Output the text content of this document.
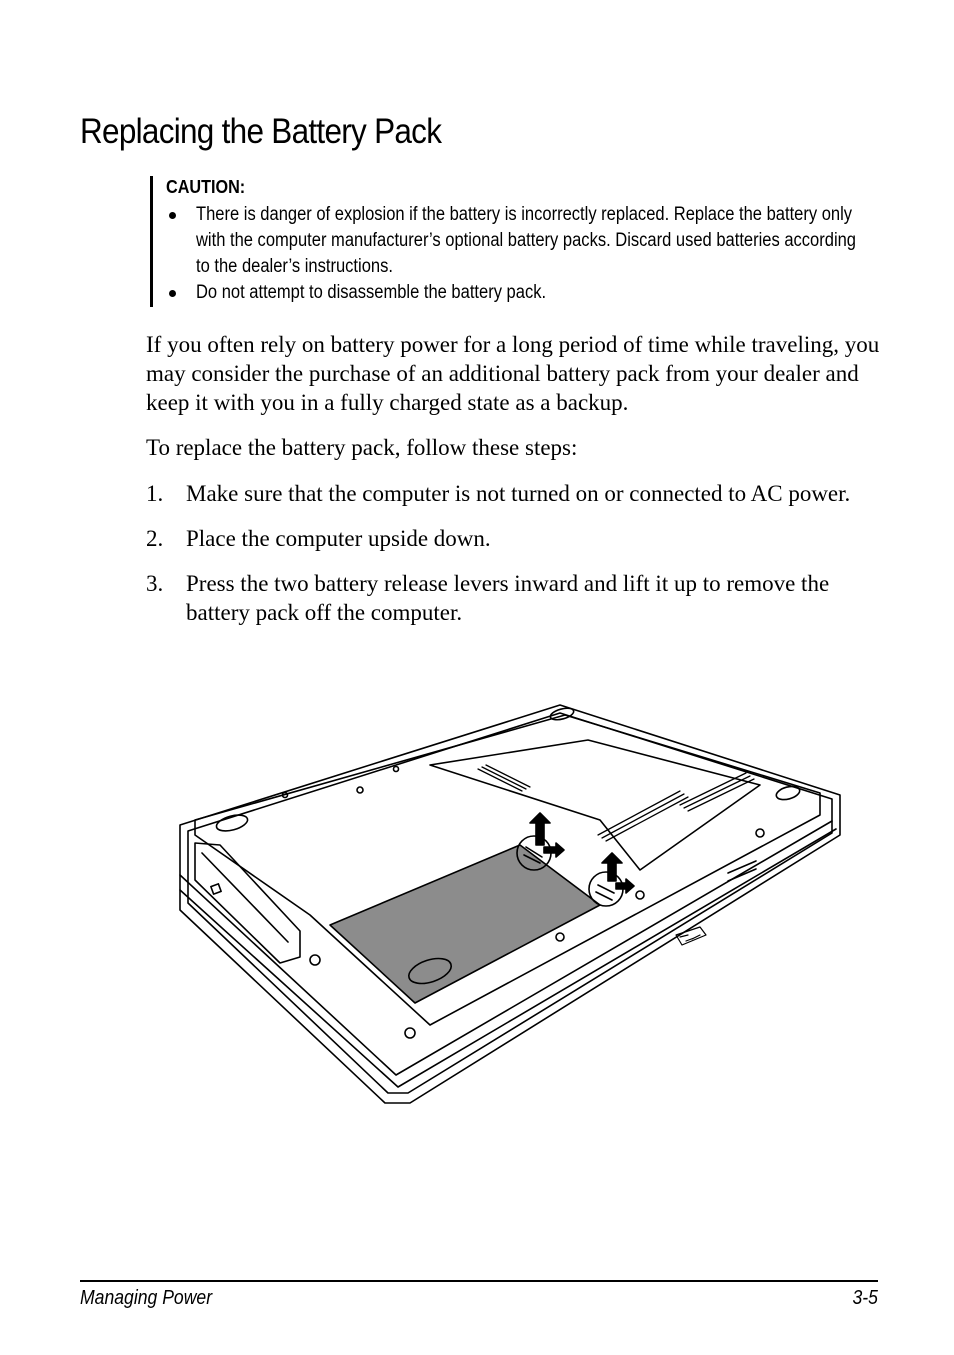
Replacing the Battery Pack
CAUTION:
There is danger of explosion if the battery is incorrectly replaced. Replace the battery only with the computer manufacturer’s optional battery packs. Discard used batteries according to the dealer’s instructions.
Do not attempt to disassemble the battery pack.

If you often rely on battery power for a long period of time while traveling, you may consider the purchase of an additional battery pack from your dealer and keep it with you in a fully charged state as a backup.

To replace the battery pack, follow these steps:

1. Make sure that the computer is not turned on or connected to AC power.
2. Place the computer upside down.
3. Press the two battery release levers inward and lift it up to remove the battery pack off the computer.
Managing Power	3-5
